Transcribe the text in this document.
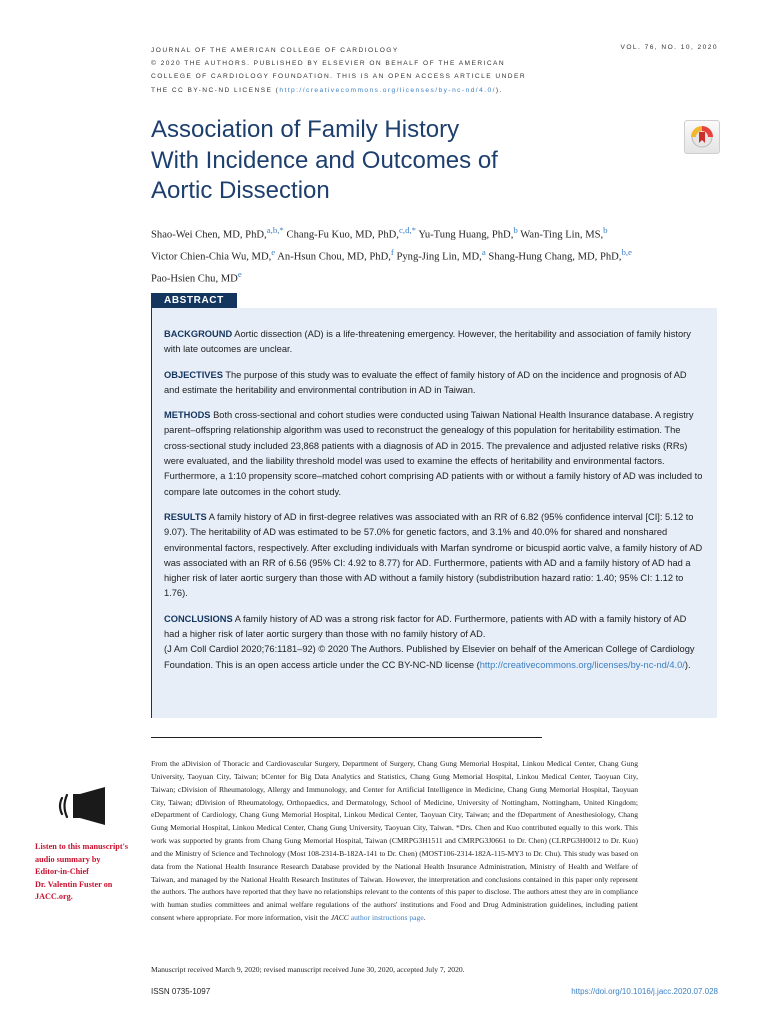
JOURNAL OF THE AMERICAN COLLEGE OF CARDIOLOGY
© 2020 THE AUTHORS. PUBLISHED BY ELSEVIER ON BEHALF OF THE AMERICAN
COLLEGE OF CARDIOLOGY FOUNDATION. THIS IS AN OPEN ACCESS ARTICLE UNDER
THE CC BY-NC-ND LICENSE (http://creativecommons.org/licenses/by-nc-nd/4.0/).
VOL. 76, NO. 10, 2020
Association of Family History
With Incidence and Outcomes of
Aortic Dissection
Shao-Wei Chen, MD, PhD,$^{a,b,*}$ Chang-Fu Kuo, MD, PhD,$^{c,d,*}$ Yu-Tung Huang, PhD,$^b$ Wan-Ting Lin, MS,$^b$
Victor Chien-Chia Wu, MD,$^e$ An-Hsun Chou, MD, PhD,$^f$ Pyng-Jing Lin, MD,$^a$ Shang-Hung Chang, MD, PhD,$^{b,e}$
Pao-Hsien Chu, MDe
ABSTRACT

BACKGROUND Aortic dissection (AD) is a life-threatening emergency. However, the heritability and association of family history with late outcomes are unclear.

OBJECTIVES The purpose of this study was to evaluate the effect of family history of AD on the incidence and prognosis of AD and estimate the heritability and environmental contribution in AD in Taiwan.

METHODS Both cross-sectional and cohort studies were conducted using Taiwan National Health Insurance database. A registry parent–offspring relationship algorithm was used to reconstruct the genealogy of this population for heritability estimation. The cross-sectional study included 23,868 patients with a diagnosis of AD in 2015. The prevalence and adjusted relative risks (RRs) were evaluated, and the liability threshold model was used to examine the effects of heritability and environmental factors. Furthermore, a 1:10 propensity score–matched cohort comprising AD patients with or without a family history of AD was included to compare late outcomes in the cohort study.

RESULTS A family history of AD in first-degree relatives was associated with an RR of 6.82 (95% confidence interval [CI]: 5.12 to 9.07). The heritability of AD was estimated to be 57.0% for genetic factors, and 3.1% and 40.0% for shared and nonshared environmental factors, respectively. After excluding individuals with Marfan syndrome or bicuspid aortic valve, a family history of AD was associated with an RR of 6.56 (95% CI: 4.92 to 8.77) for AD. Furthermore, patients with AD and a family history of AD had a higher risk of later aortic surgery than those with AD without a family history (subdistribution hazard ratio: 1.40; 95% CI: 1.12 to 1.76).

CONCLUSIONS A family history of AD was a strong risk factor for AD. Furthermore, patients with AD with a family history of AD had a higher risk of later aortic surgery than those with no family history of AD.
(J Am Coll Cardiol 2020;76:1181–92) © 2020 The Authors. Published by Elsevier on behalf of the American College of Cardiology Foundation. This is an open access article under the CC BY-NC-ND license (http://creativecommons.org/licenses/by-nc-nd/4.0/).

Listen to this manuscript's
audio summary by
Editor-in-Chief
Dr. Valentin Fuster on
JACC.org.
From the aDivision of Thoracic and Cardiovascular Surgery, Department of Surgery, Chang Gung Memorial Hospital, Linkou Medical Center, Chang Gung University, Taoyuan City, Taiwan; bCenter for Big Data Analytics and Statistics, Chang Gung Memorial Hospital, Linkou Medical Center, Taoyuan City, Taiwan; cDivision of Rheumatology, Allergy and Immunology, and Center for Artificial Intelligence in Medicine, Chang Gung Memorial Hospital, Taoyuan City, Taiwan; dDivision of Rheumatology, Orthopaedics, and Dermatology, School of Medicine, University of Nottingham, Nottingham, United Kingdom; eDepartment of Cardiology, Chang Gung Memorial Hospital, Linkou Medical Center, Taoyuan City, Taiwan; and the fDepartment of Anesthesiology, Chang Gung Memorial Hospital, Linkou Medical Center, Chang Gung University, Taoyuan City, Taiwan. *Drs. Chen and Kuo contributed equally to this work. This work was supported by grants from Chang Gung Memorial Hospital, Taiwan (CMRPG3H1511 and CMRPG3J0661 to Dr. Chen) (CLRPG3H0012 to Dr. Kuo) and the Ministry of Science and Technology (Most 108-2314-B-182A-141 to Dr. Chen) (MOST106-2314-182A-115-MY3 to Dr. Chu). This study was based on data from the National Health Insurance Research Database provided by the National Health Insurance Administration, Ministry of Health and Welfare of Taiwan, and managed by the National Health Research Institutes of Taiwan. However, the interpretation and conclusions contained in this paper only represent the authors. The authors have reported that they have no relationships relevant to the contents of this paper to disclose. The authors attest they are in compliance with human studies committees and animal welfare regulations of the authors' institutions and Food and Drug Administration guidelines, including patient consent where appropriate. For more information, visit the JACC author instructions page.
Manuscript received March 9, 2020; revised manuscript received June 30, 2020, accepted July 7, 2020.
ISSN 0735-1097	https://doi.org/10.1016/j.jacc.2020.07.028
